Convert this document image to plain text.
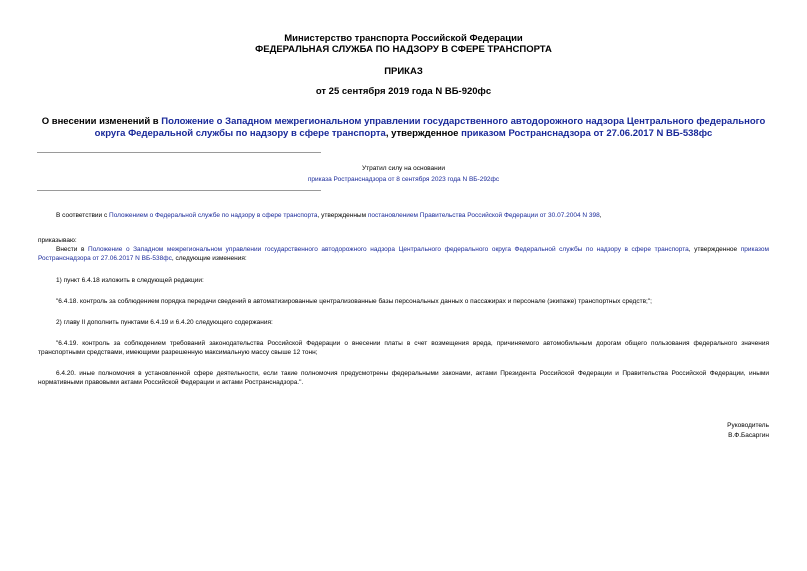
Министерство транспорта Российской Федерации
ФЕДЕРАЛЬНАЯ СЛУЖБА ПО НАДЗОРУ В СФЕРЕ ТРАНСПОРТА
ПРИКАЗ
от 25 сентября 2019 года N ВБ-920фс
О внесении изменений в Положение о Западном межрегиональном управлении государственного автодорожного надзора Центрального федерального округа Федеральной службы по надзору в сфере транспорта, утвержденное приказом Ространснадзора от 27.06.2017 N ВБ-538фс
Утратил силу на основании
приказа Ространснадзора от 8 сентября 2023 года N ВБ-292фс
В соответствии с Положением о Федеральной службе по надзору в сфере транспорта, утвержденным постановлением Правительства Российской Федерации от 30.07.2004 N 398,
приказываю:
Внести в Положение о Западном межрегиональном управлении государственного автодорожного надзора Центрального федерального округа Федеральной службы по надзору в сфере транспорта, утвержденное приказом Ространснадзора от 27.06.2017 N ВБ-538фс, следующие изменения:
1) пункт 6.4.18 изложить в следующей редакции:
"6.4.18. контроль за соблюдением порядка передачи сведений в автоматизированные централизованные базы персональных данных о пассажирах и персонале (экипаже) транспортных средств;";
2) главу II дополнить пунктами 6.4.19 и 6.4.20 следующего содержания:
"6.4.19. контроль за соблюдением требований законодательства Российской Федерации о внесении платы в счет возмещения вреда, причиняемого автомобильным дорогам общего пользования федерального значения транспортными средствами, имеющими разрешенную максимальную массу свыше 12 тонн;
6.4.20. иные полномочия в установленной сфере деятельности, если такие полномочия предусмотрены федеральными законами, актами Президента Российской Федерации и Правительства Российской Федерации, иными нормативными правовыми актами Российской Федерации и актами Ространснадзора.".
Руководитель
В.Ф.Басаргин
